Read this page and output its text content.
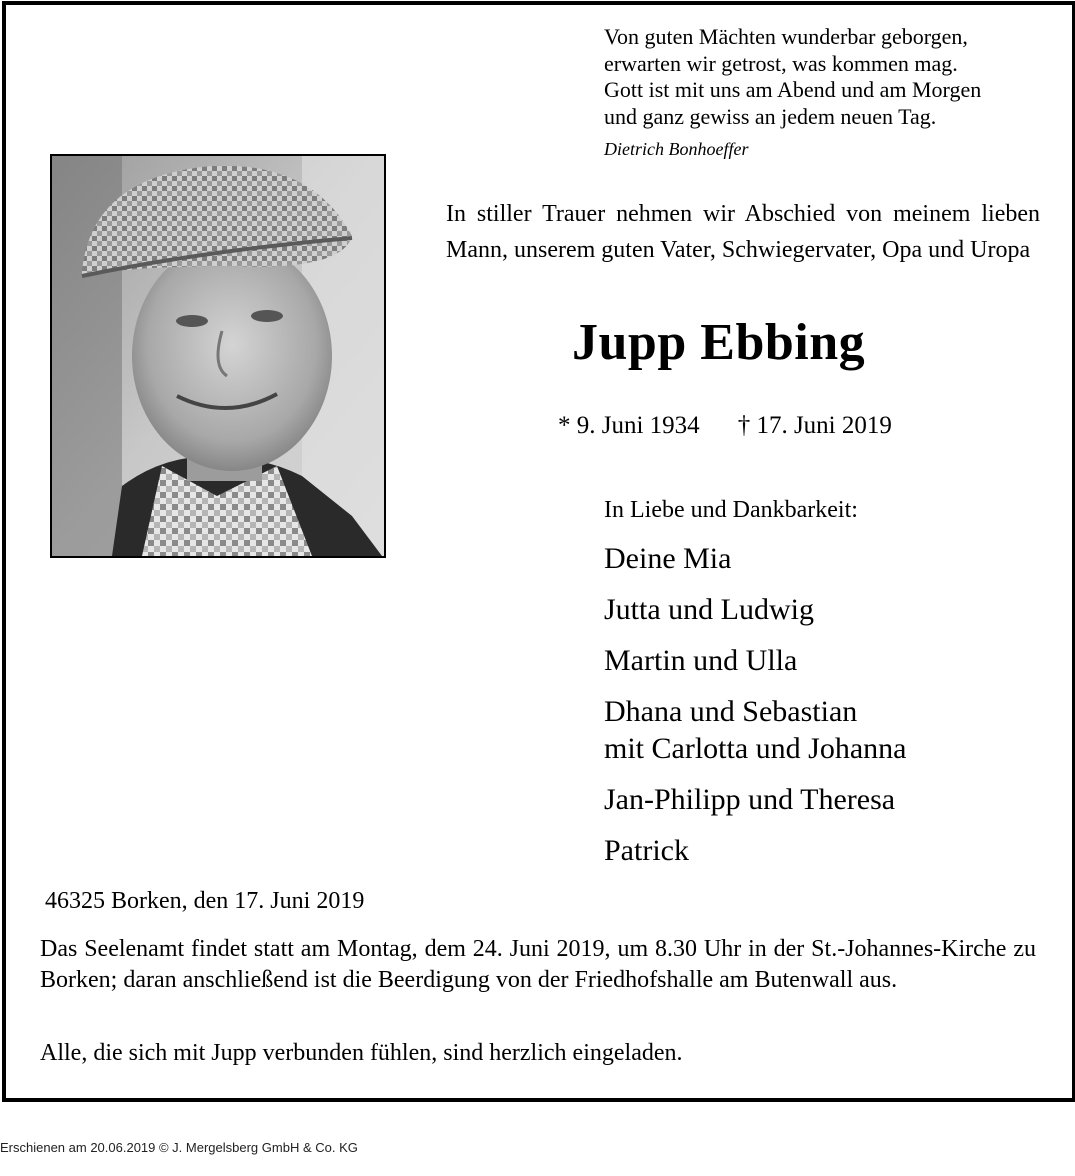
Von guten Mächten wunderbar geborgen,
erwarten wir getrost, was kommen mag.
Gott ist mit uns am Abend und am Morgen
und ganz gewiss an jedem neuen Tag.
Dietrich Bonhoeffer
In stiller Trauer nehmen wir Abschied von meinem lieben Mann, unserem guten Vater, Schwiegervater, Opa und Uropa
Jupp Ebbing
* 9. Juni 1934 † 17. Juni 2019
In Liebe und Dankbarkeit:
Deine Mia
Jutta und Ludwig
Martin und Ulla
Dhana und Sebastian
mit Carlotta und Johanna
Jan-Philipp und Theresa
Patrick
46325 Borken, den 17. Juni 2019
Das Seelenamt findet statt am Montag, dem 24. Juni 2019, um 8.30 Uhr in der St.-Johannes-Kirche zu Borken; daran anschließend ist die Beerdigung von der Friedhofshalle am Butenwall aus.
Alle, die sich mit Jupp verbunden fühlen, sind herzlich eingeladen.
Erschienen am 20.06.2019 © J. Mergelsberg GmbH & Co. KG
